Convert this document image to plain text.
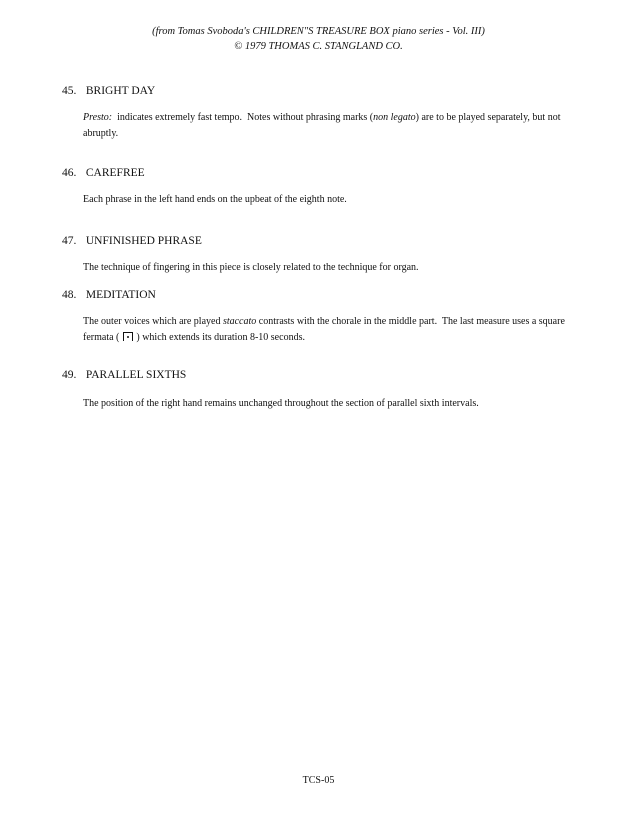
(from Tomas Svoboda's CHILDREN"S TREASURE BOX piano series - Vol. III)
© 1979 THOMAS C. STANGLAND CO.
45. BRIGHT DAY
Presto:  indicates extremely fast tempo.  Notes without phrasing marks (non legato) are to be played separately, but not abruptly.
46. CAREFREE
Each phrase in the left hand ends on the upbeat of the eighth note.
47. UNFINISHED PHRASE
The technique of fingering in this piece is closely related to the technique for organ.
48. MEDITATION
The outer voices which are played staccato contrasts with the chorale in the middle part.  The last measure uses a square fermata (  ) which extends its duration 8-10 seconds.
49. PARALLEL SIXTHS
The position of the right hand remains unchanged throughout the section of parallel sixth intervals.
TCS-05
